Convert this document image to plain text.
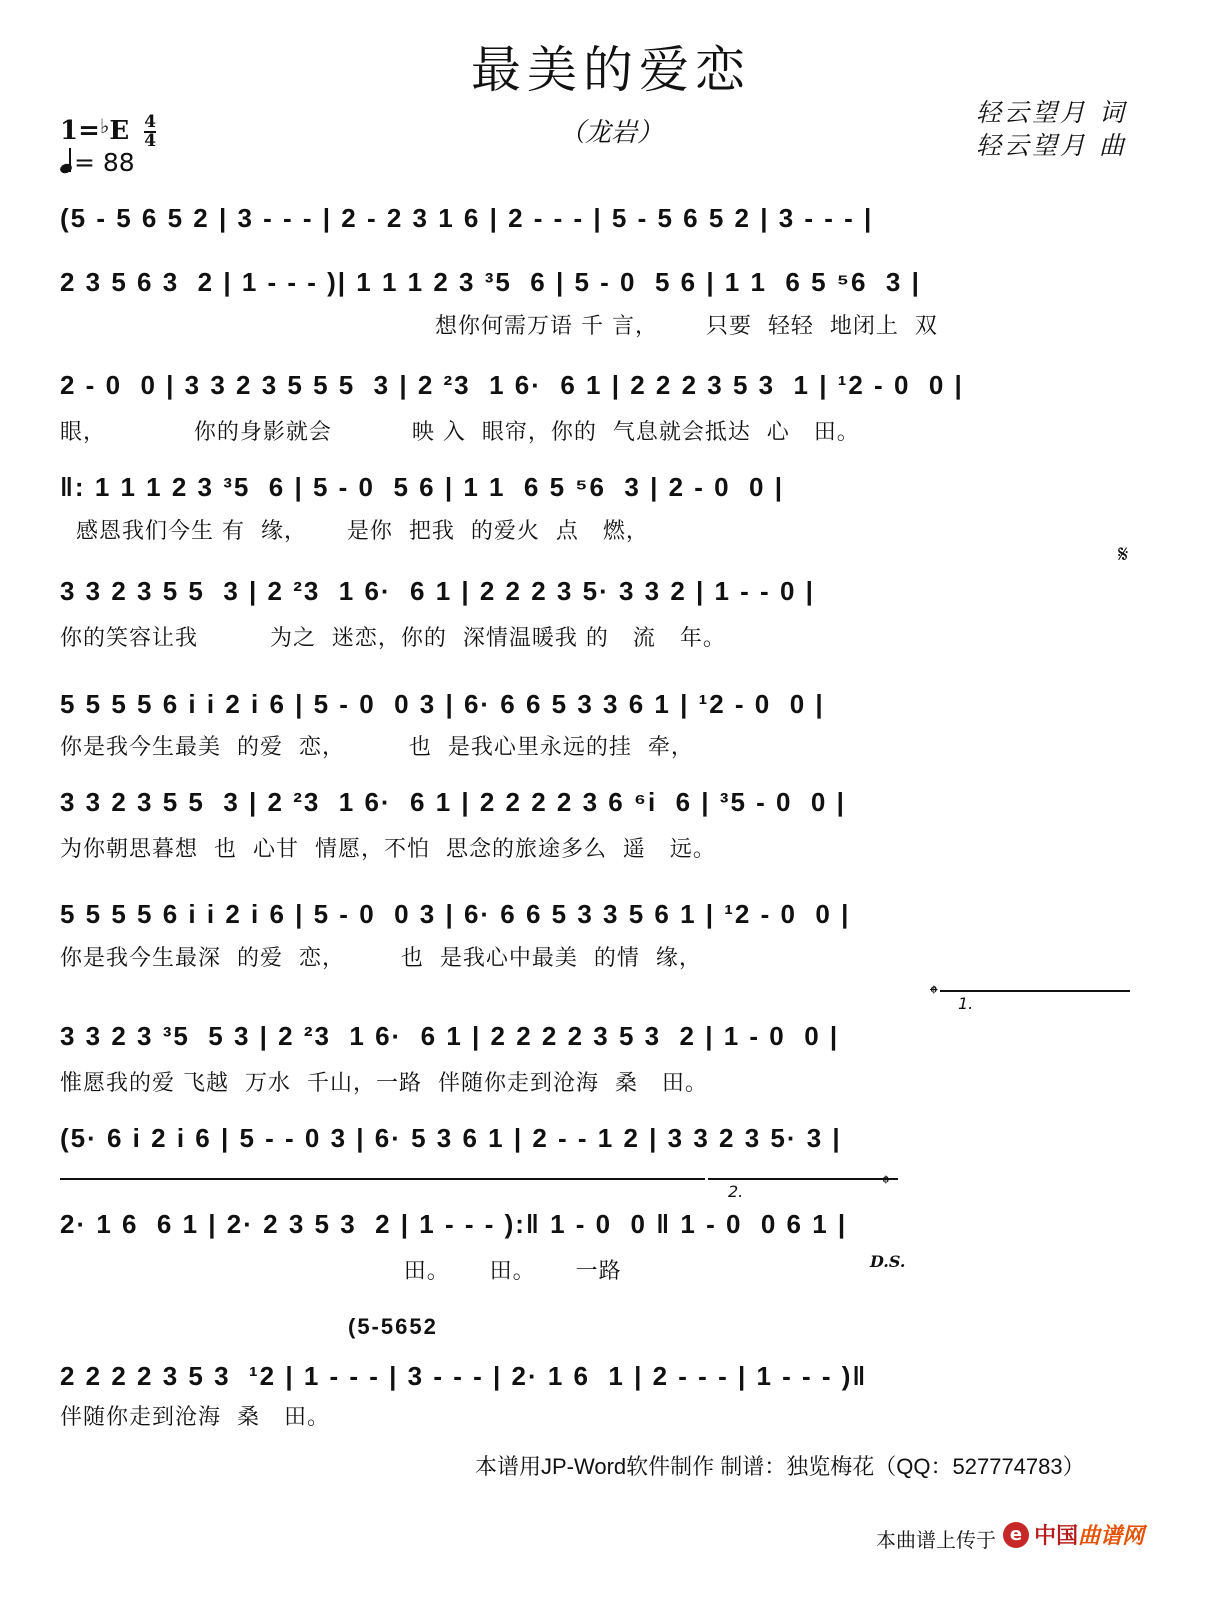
最美的爱恋
（龙岩）
轻云望月 词
轻云望月 曲
$1=^♭E \frac{4}{4}$
= 88
(5 - 5 6 5 2 | 3 - - - | 2 - 2 3 1 6 | 2 - - - | 5 - 5 6 5 2 | 3 - - - |
2 3 5 6 3  2 | 1 - - - )| 1 1 1 2 3 ³5  6 | 5 - 0  5 6 | 1 1  6 5 ⁵6  3 |
想你何需万语 千 言，      只要  轻轻  地闭上  双
2 - 0  0 | 3 3 2 3 5 5 5  3 | 2 ²3  1 6·  6 1 | 2 2 2 3 5 3  1 | ¹2 - 0  0 |
眼，           你的身影就会          映 入  眼帘，你的  气息就会抵达  心   田。
‖: 1 1 1 2 3 ³5  6 | 5 - 0  5 6 | 1 1  6 5 ⁵6  3 | 2 - 0  0 |
感恩我们今生 有  缘，     是你  把我  的爱火  点   燃，
𝄋
3 3 2 3 5 5  3 | 2 ²3  1 6·  6 1 | 2 2 2 3 5· 3 3 2 | 1 - - 0 |
你的笑容让我         为之  迷恋，你的  深情温暖我 的   流   年。
5 5 5 5 6 i i 2 i 6 | 5 - 0  0 3 | 6· 6 6 5 3 3 6 1 | ¹2 - 0  0 |
你是我今生最美  的爱  恋，        也  是我心里永远的挂  牵，
3 3 2 3 5 5  3 | 2 ²3  1 6·  6 1 | 2 2 2 2 3 6 ⁶i  6 | ³5 - 0  0 |
为你朝思暮想  也  心甘  情愿，不怕  思念的旅途多么  遥   远。
5 5 5 5 6 i i 2 i 6 | 5 - 0  0 3 | 6· 6 6 5 3 3 5 6 1 | ¹2 - 0  0 |
你是我今生最深  的爱  恋，       也  是我心中最美  的情  缘，
𝄌 1.
3 3 2 3 ³5  5 3 | 2 ²3  1 6·  6 1 | 2 2 2 2 3 5 3  2 | 1 - 0  0 |
惟愿我的爱 飞越  万水  千山，一路  伴随你走到沧海  桑   田。
(5· 6 i 2 i 6 | 5 - - 0 3 | 6· 5 3 6 1 | 2 - - 1 2 | 3 3 2 3 5· 3 |
2.	𝄌
2· 1 6  6 1 | 2· 2 3 5 3  2 | 1 - - - ):‖ 1 - 0  0 ‖ 1 - 0  0 6 1 |
D.S.
田。     田。     一路
(5-5652
2 2 2 2 3 5 3  ¹2 | 1 - - - | 3 - - - | 2· 1 6  1 | 2 - - - | 1 - - - )‖
伴随你走到沧海  桑   田。
本谱用JP-Word软件制作 制谱：独览梅花（QQ：527774783）
本曲谱上传于 e 中国曲谱网
